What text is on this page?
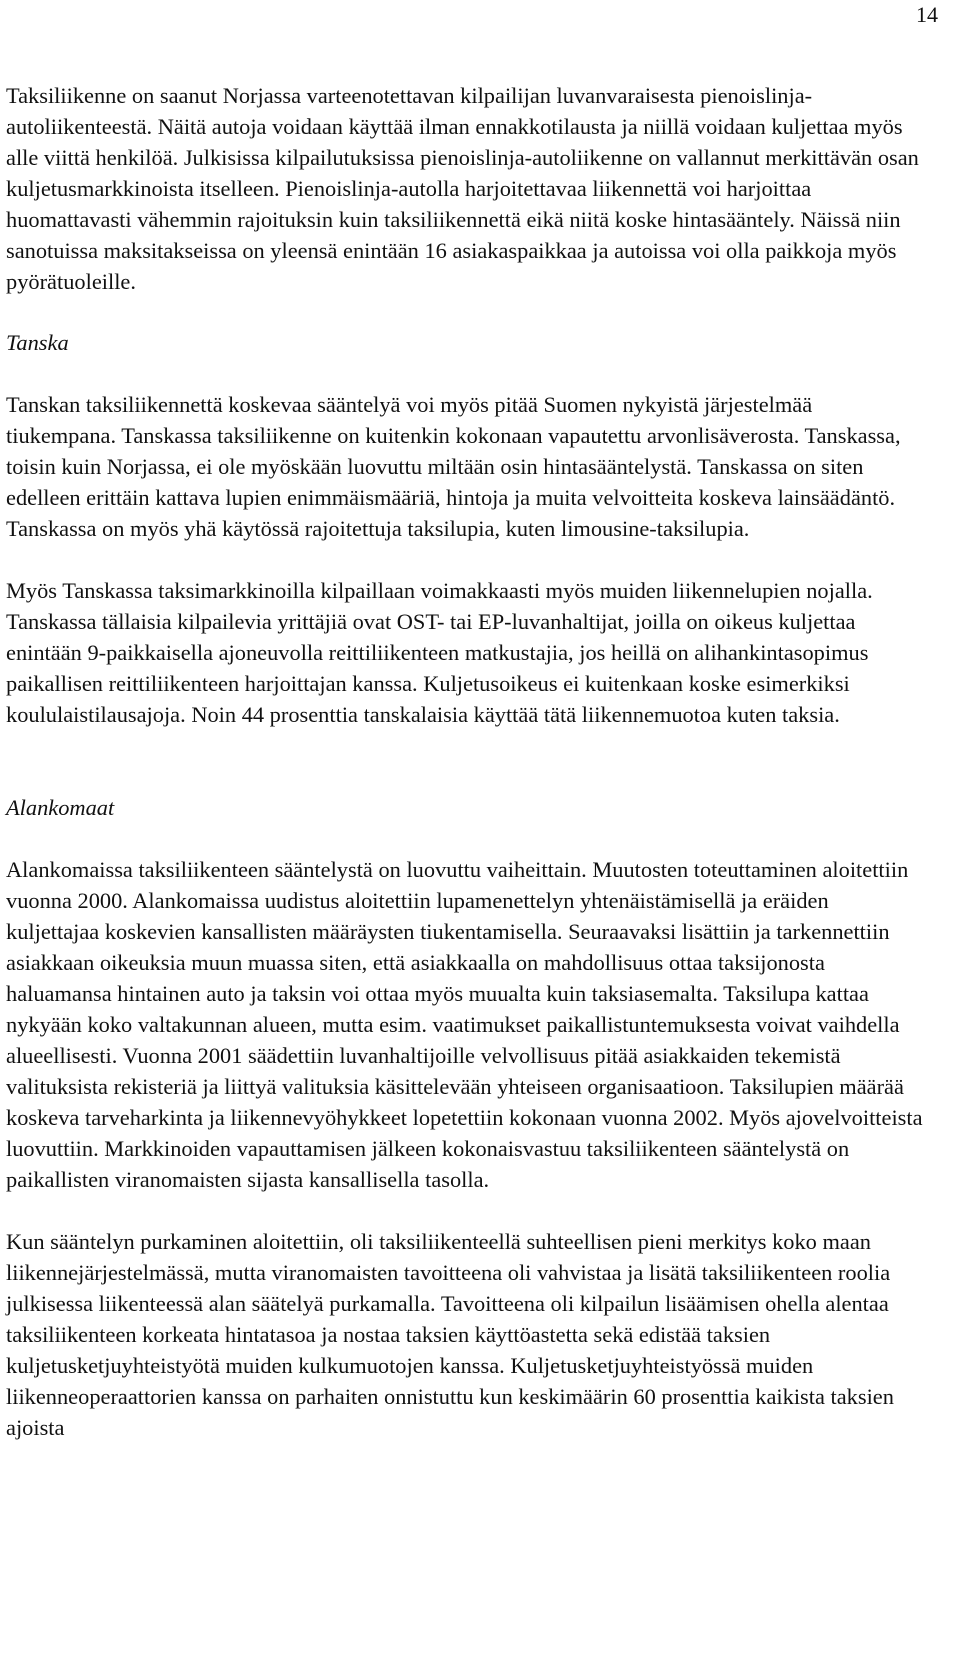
14

Taksiliikenne on saanut Norjassa varteenotettavan kilpailijan luvanvaraisesta pienoislinja-autoliikenteestä. Näitä autoja voidaan käyttää ilman ennakkotilausta ja niillä voidaan kuljettaa myös alle viittä henkilöä. Julkisissa kilpailutuksissa pienoislinja-autoliikenne on vallannut merkittävän osan kuljetusmarkkinoista itselleen. Pienoislinja-autolla harjoitettavaa liikennettä voi harjoittaa huomattavasti vähemmin rajoituksin kuin taksiliikennettä eikä niitä koske hintasääntely. Näissä niin sanotuissa maksitakseissa on yleensä enintään 16 asiakaspaikkaa ja autoissa voi olla paikkoja myös pyörätuoleille.

Tanska

Tanskan taksiliikennettä koskevaa sääntelyä voi myös pitää Suomen nykyistä järjestelmää tiukempana. Tanskassa taksiliikenne on kuitenkin kokonaan vapautettu arvonlisäverosta. Tanskassa, toisin kuin Norjassa, ei ole myöskään luovuttu miltään osin hintasääntelystä. Tanskassa on siten edelleen erittäin kattava lupien enimmäismääriä, hintoja ja muita velvoitteita koskeva lainsäädäntö. Tanskassa on myös yhä käytössä rajoitettuja taksilupia, kuten limousine-taksilupia.

Myös Tanskassa taksimarkkinoilla kilpaillaan voimakkaasti myös muiden liikennelupien nojalla. Tanskassa tällaisia kilpailevia yrittäjiä ovat OST- tai EP-luvanhaltijat, joilla on oikeus kuljettaa enintään 9-paikkaisella ajoneuvolla reittiliikenteen matkustajia, jos heillä on alihankintasopimus paikallisen reittiliikenteen harjoittajan kanssa. Kuljetusoikeus ei kuitenkaan koske esimerkiksi koululaistilausajoja. Noin 44 prosenttia tanskalaisia käyttää tätä liikennemuotoa kuten taksia.

Alankomaat

Alankomaissa taksiliikenteen sääntelystä on luovuttu vaiheittain. Muutosten toteuttaminen aloitettiin vuonna 2000. Alankomaissa uudistus aloitettiin lupamenettelyn yhtenäistämisellä ja eräiden kuljettajaa koskevien kansallisten määräysten tiukentamisella. Seuraavaksi lisättiin ja tarkennettiin asiakkaan oikeuksia muun muassa siten, että asiakkaalla on mahdollisuus ottaa taksijonosta haluamansa hintainen auto ja taksin voi ottaa myös muualta kuin taksiasemalta. Taksilupa kattaa nykyään koko valtakunnan alueen, mutta esim. vaatimukset paikallistuntemuksesta voivat vaihdella alueellisesti. Vuonna 2001 säädettiin luvanhaltijoille velvollisuus pitää asiakkaiden tekemistä valituksista rekisteriä ja liittyä valituksia käsittelevään yhteiseen organisaatioon. Taksilupien määrää koskeva tarveharkinta ja liikennevyöhykkeet lopetettiin kokonaan vuonna 2002. Myös ajovelvoitteista luovuttiin. Markkinoiden vapauttamisen jälkeen kokonaisvastuu taksiliikenteen sääntelystä on paikallisten viranomaisten sijasta kansallisella tasolla.

Kun sääntelyn purkaminen aloitettiin, oli taksiliikenteellä suhteellisen pieni merkitys koko maan liikennejärjestelmässä, mutta viranomaisten tavoitteena oli vahvistaa ja lisätä taksiliikenteen roolia julkisessa liikenteessä alan säätelyä purkamalla. Tavoitteena oli kilpailun lisäämisen ohella alentaa taksiliikenteen korkeata hintatasoa ja nostaa taksien käyttöastetta sekä edistää taksien kuljetusketjuyhteistyötä muiden kulkumuotojen kanssa. Kuljetusketjuyhteistyössä muiden liikenneoperaattorien kanssa on parhaiten onnistuttu kun keskimäärin 60 prosenttia kaikista taksien ajoista
